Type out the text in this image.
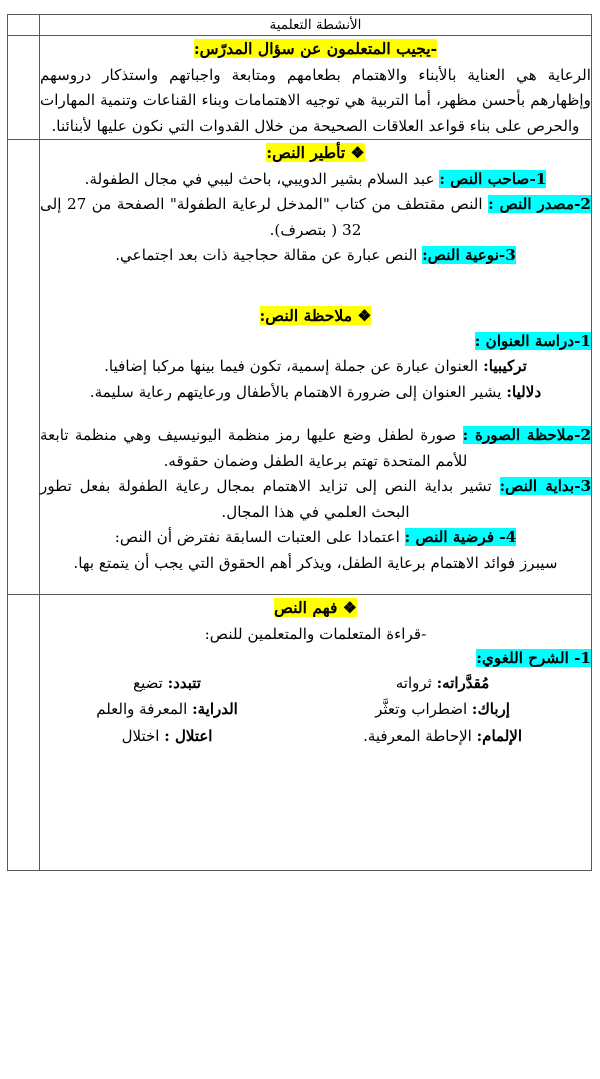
الأنشطة التعلمية

-يجيب المتعلمون عن سؤال المدرّس:

الرعاية هي العناية بالأبناء والاهتمام بطعامهم ومتابعة واجباتهم واستذكار دروسهم وإظهارهم بأحسن مظهر، أما التربية هي توجيه الاهتمامات وبناء القناعات وتنمية المهارات والحرص على بناء قواعد العلاقات الصحيحة من خلال القدوات التي نكون عليها لأبنائنا.

❖ تأطير النص:

1-صاحب النص : عبد السلام بشير الدويبي، باحث ليبي في مجال الطفولة.

2-مصدر النص : النص مقتطف من كتاب "المدخل لرعاية الطفولة" الصفحة من 27 إلى 32 ( بتصرف).

3-نوعية النص: النص عبارة عن مقالة حجاجية ذات بعد اجتماعي.

❖ ملاحظة النص:
1-دراسة العنوان :

تركيبيا: العنوان عبارة عن جملة إسمية، تكون فيما بينها مركبا إضافيا.

دلاليا: يشير العنوان إلى ضرورة الاهتمام بالأطفال ورعايتهم رعاية سليمة.

2-ملاحظة الصورة : صورة لطفل وضع عليها رمز منظمة اليونيسيف وهي منظمة تابعة للأمم المتحدة تهتم برعاية الطفل وضمان حقوقه.

3-بداية النص: تشير بداية النص إلى تزايد الاهتمام بمجال رعاية الطفولة بفعل تطور البحث العلمي في هذا المجال.

4- فرضية النص : اعتمادا على العتبات السابقة نفترض أن النص:

سيبرز فوائد الاهتمام برعاية الطفل، ويذكر أهم الحقوق التي يجب أن يتمتع بها.

❖ فهم النص
-قراءة المتعلمات والمتعلمين للنص:
1- الشرح اللغوي:
مُقدَّراته: ثرواته	تتبدد: تضيع
إرباك: اضطراب وتعثَّر	الدراية: المعرفة والعلم
الإلمام: الإحاطة المعرفية.	اعتلال : اختلال
